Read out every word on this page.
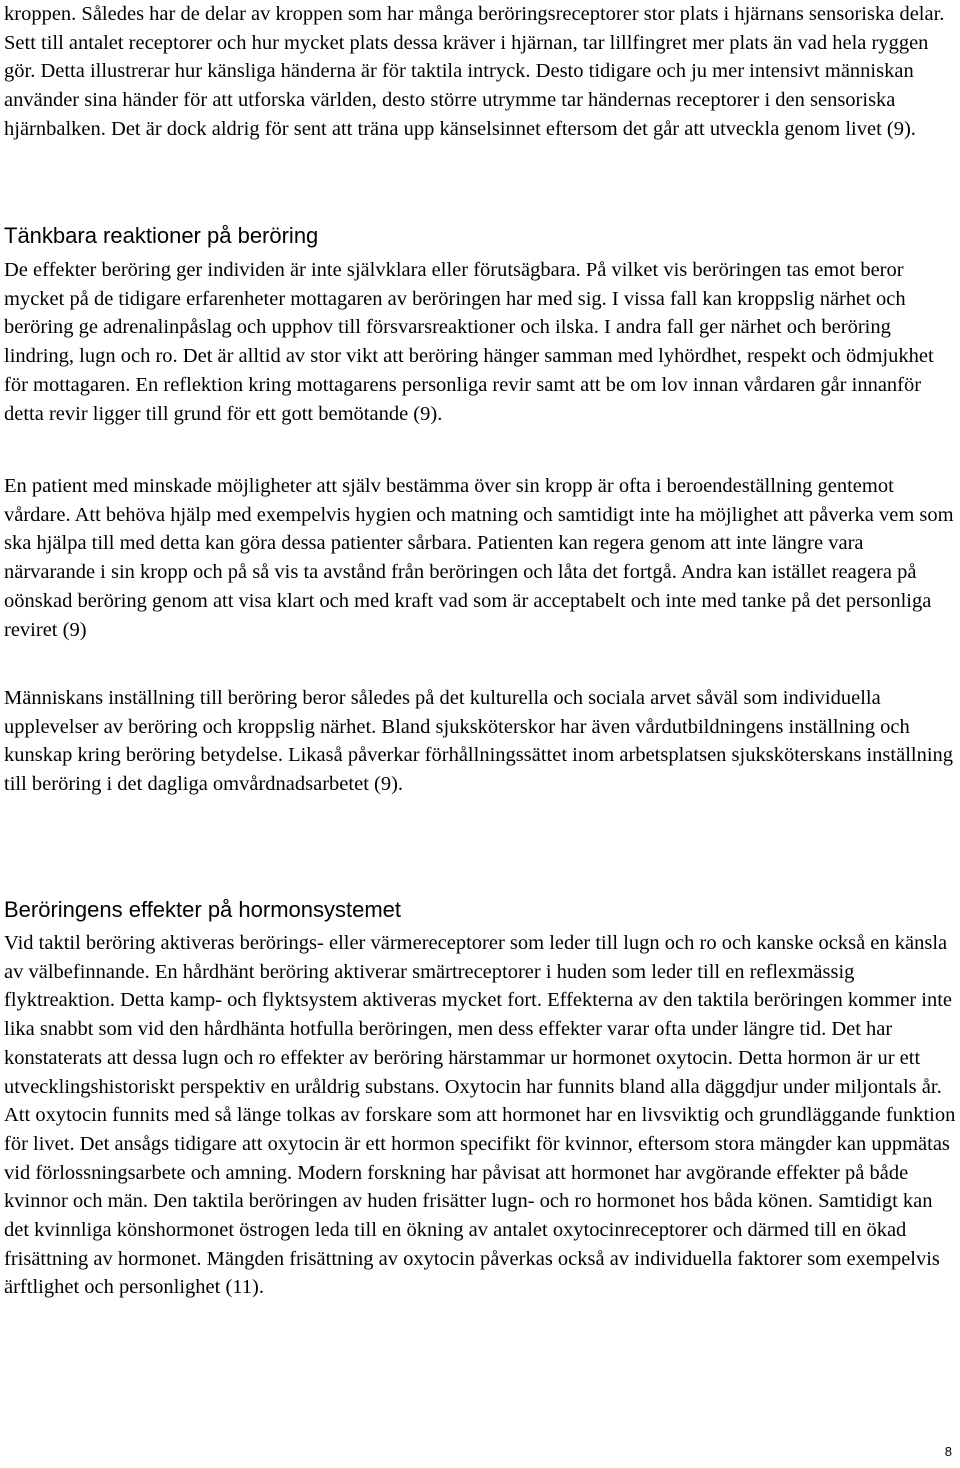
kroppen. Således har de delar av kroppen som har många beröringsreceptorer stor plats i hjärnans sensoriska delar. Sett till antalet receptorer och hur mycket plats dessa kräver i hjärnan, tar lillfingret mer plats än vad hela ryggen gör. Detta illustrerar hur känsliga händerna är för taktila intryck. Desto tidigare och ju mer intensivt människan använder sina händer för att utforska världen, desto större utrymme tar händernas receptorer i den sensoriska hjärnbalken. Det är dock aldrig för sent att träna upp känselsinnet eftersom det går att utveckla genom livet (9).

Tänkbara reaktioner på beröring

De effekter beröring ger individen är inte självklara eller förutsägbara. På vilket vis beröringen tas emot beror mycket på de tidigare erfarenheter mottagaren av beröringen har med sig. I vissa fall kan kroppslig närhet och beröring ge adrenalinpåslag och upphov till försvarsreaktioner och ilska. I andra fall ger närhet och beröring lindring, lugn och ro. Det är alltid av stor vikt att beröring hänger samman med lyhördhet, respekt och ödmjukhet för mottagaren. En reflektion kring mottagarens personliga revir samt att be om lov innan vårdaren går innanför detta revir ligger till grund för ett gott bemötande (9).

En patient med minskade möjligheter att själv bestämma över sin kropp är ofta i beroendeställning gentemot vårdare. Att behöva hjälp med exempelvis hygien och matning och samtidigt inte ha möjlighet att påverka vem som ska hjälpa till med detta kan göra dessa patienter sårbara. Patienten kan regera genom att inte längre vara närvarande i sin kropp och på så vis ta avstånd från beröringen och låta det fortgå. Andra kan istället reagera på oönskad beröring genom att visa klart och med kraft vad som är acceptabelt och inte med tanke på det personliga reviret (9)

Människans inställning till beröring beror således på det kulturella och sociala arvet såväl som individuella upplevelser av beröring och kroppslig närhet. Bland sjuksköterskor har även vårdutbildningens inställning och kunskap kring beröring betydelse. Likaså påverkar förhållningssättet inom arbetsplatsen sjuksköterskans inställning till beröring i det dagliga omvårdnadsarbetet (9).

Beröringens effekter på hormonsystemet

Vid taktil beröring aktiveras berörings- eller värmereceptorer som leder till lugn och ro och kanske också en känsla av välbefinnande. En hårdhänt beröring aktiverar smärtreceptorer i huden som leder till en reflexmässig flyktreaktion. Detta kamp- och flyktsystem aktiveras mycket fort. Effekterna av den taktila beröringen kommer inte lika snabbt som vid den hårdhänta hotfulla beröringen, men dess effekter varar ofta under längre tid. Det har konstaterats att dessa lugn och ro effekter av beröring härstammar ur hormonet oxytocin. Detta hormon är ur ett utvecklingshistoriskt perspektiv en uråldrig substans. Oxytocin har funnits bland alla däggdjur under miljontals år. Att oxytocin funnits med så länge tolkas av forskare som att hormonet har en livsviktig och grundläggande funktion för livet. Det ansågs tidigare att oxytocin är ett hormon specifikt för kvinnor, eftersom stora mängder kan uppmätas vid förlossningsarbete och amning. Modern forskning har påvisat att hormonet har avgörande effekter på både kvinnor och män. Den taktila beröringen av huden frisätter lugn- och ro hormonet hos båda könen. Samtidigt kan det kvinnliga könshormonet östrogen leda till en ökning av antalet oxytocinreceptorer och därmed till en ökad frisättning av hormonet. Mängden frisättning av oxytocin påverkas också av individuella faktorer som exempelvis ärftlighet och personlighet (11).

8
